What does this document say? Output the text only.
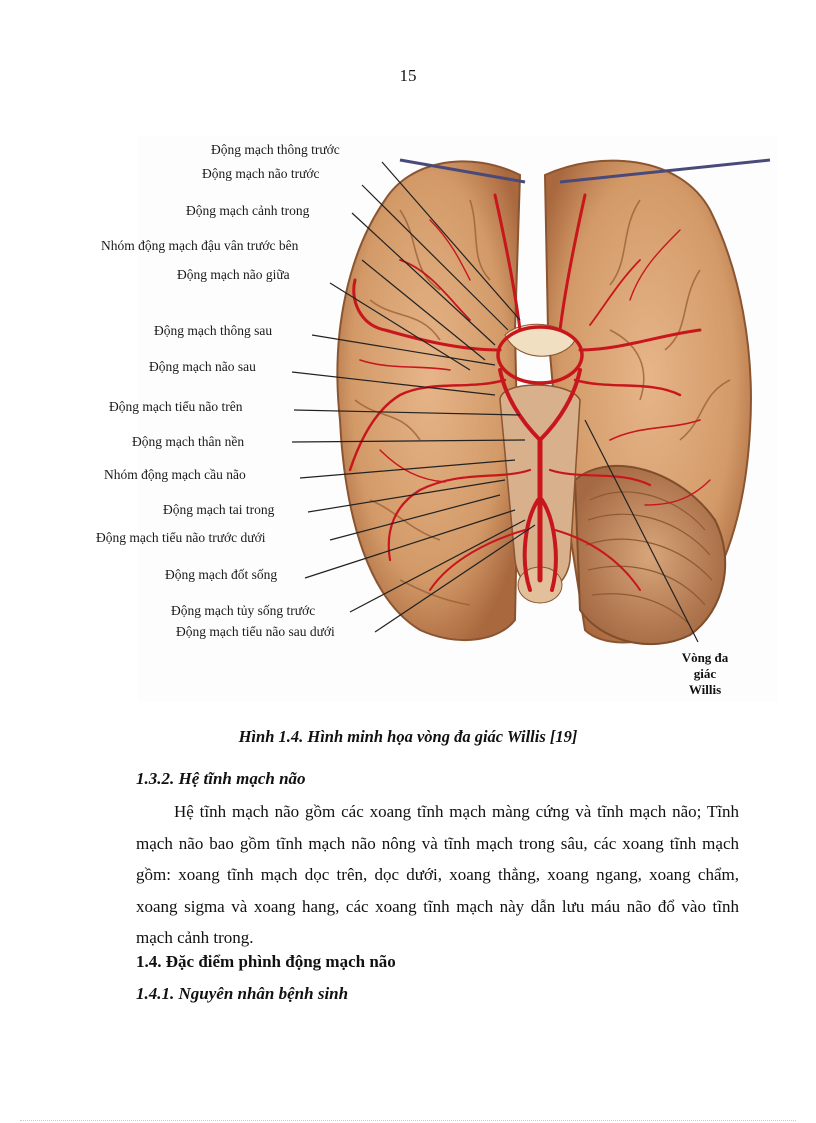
15
Động mạch thông trước
Động mạch não trước
Động mạch cảnh trong
Nhóm động mạch đậu vân trước bên
Động mạch não giữa
Động mạch thông sau
Động mạch não sau
Động mạch tiểu não trên
Động mạch thân nền
Nhóm động mạch cầu não
Động mạch tai trong
Động mạch tiểu não trước dưới
Động mạch đốt sống
Động mạch tủy sống trước
Động mạch tiểu não sau dưới
Vòng đa
giác
Willis
Hình 1.4. Hình minh họa vòng đa giác Willis [19]
1.3.2. Hệ tĩnh mạch não

Hệ tĩnh mạch não gồm các xoang tĩnh mạch màng cứng và tĩnh mạch não; Tĩnh mạch não bao gồm tĩnh mạch não nông và tĩnh mạch trong sâu, các xoang tĩnh mạch gồm: xoang tĩnh mạch dọc trên, dọc dưới, xoang thẳng, xoang ngang, xoang chẩm, xoang sigma và xoang hang, các xoang tĩnh mạch này dẫn lưu máu não đổ vào tĩnh mạch cảnh trong.

1.4. Đặc điểm phình động mạch não
1.4.1. Nguyên nhân bệnh sinh
